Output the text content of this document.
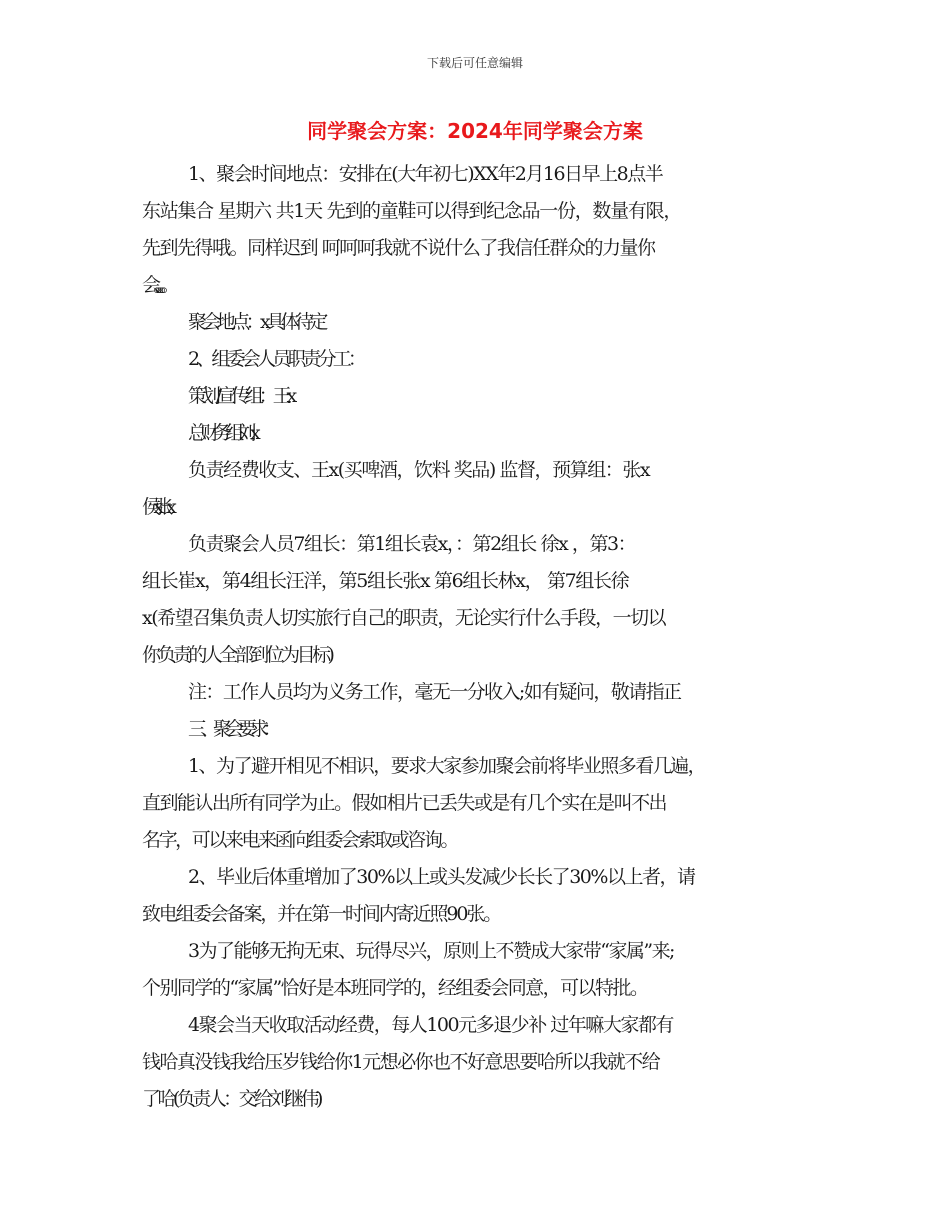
下载后可任意编辑
同学聚会方案：2024年同学聚会方案
1、聚会时间地点：安排在(大年初七)XX年2月16日早上8点半
东站集合 星期六 共1天 先到的童鞋可以得到纪念品一份，数量有限，
先到先得哦。同样迟到 呵呵呵我就不说什么了我信任群众的力量你
会。。。。。
聚会地点：x具体待定
2、组委会人员职责分工：
策划/宣传组：王x
总财务组:刘x
负责经费收支、王x(买啤酒，饮料 奖品) 监督，预算组：张x
侯x 张x
负责聚会人员7组长：第1组长袁x，：第2组长 徐x ，第3：
组长崔x，第4组长汪洋，第5组长张x 第6组长林x， 第7组长徐
x(希望召集负责人切实旅行自己的职责，无论实行什么手段，一切以
你负责的人全部到位为目标)
注：工作人员均为义务工作，毫无一分收入;如有疑问，敬请指正
三、聚会要求：
1、为了避开相见不相识，要求大家参加聚会前将毕业照多看几遍，
直到能认出所有同学为止。假如相片已丢失或是有几个实在是叫不出
名字，可以来电来函向组委会索取或咨询。
2、毕业后体重增加了30%以上或头发减少长长了30%以上者，请
致电组委会备案，并在第一时间内寄近照90张。
3为了能够无拘无束、玩得尽兴，原则上不赞成大家带“家属”来;
个别同学的“家属”恰好是本班同学的，经组委会同意，可以特批。
4聚会当天收取活动经费，每人100元多退少补 过年嘛大家都有
钱哈真没钱我给压岁钱给你1元想必你也不好意思要哈所以我就不给
了哈(负责人：交给刘继伟)
